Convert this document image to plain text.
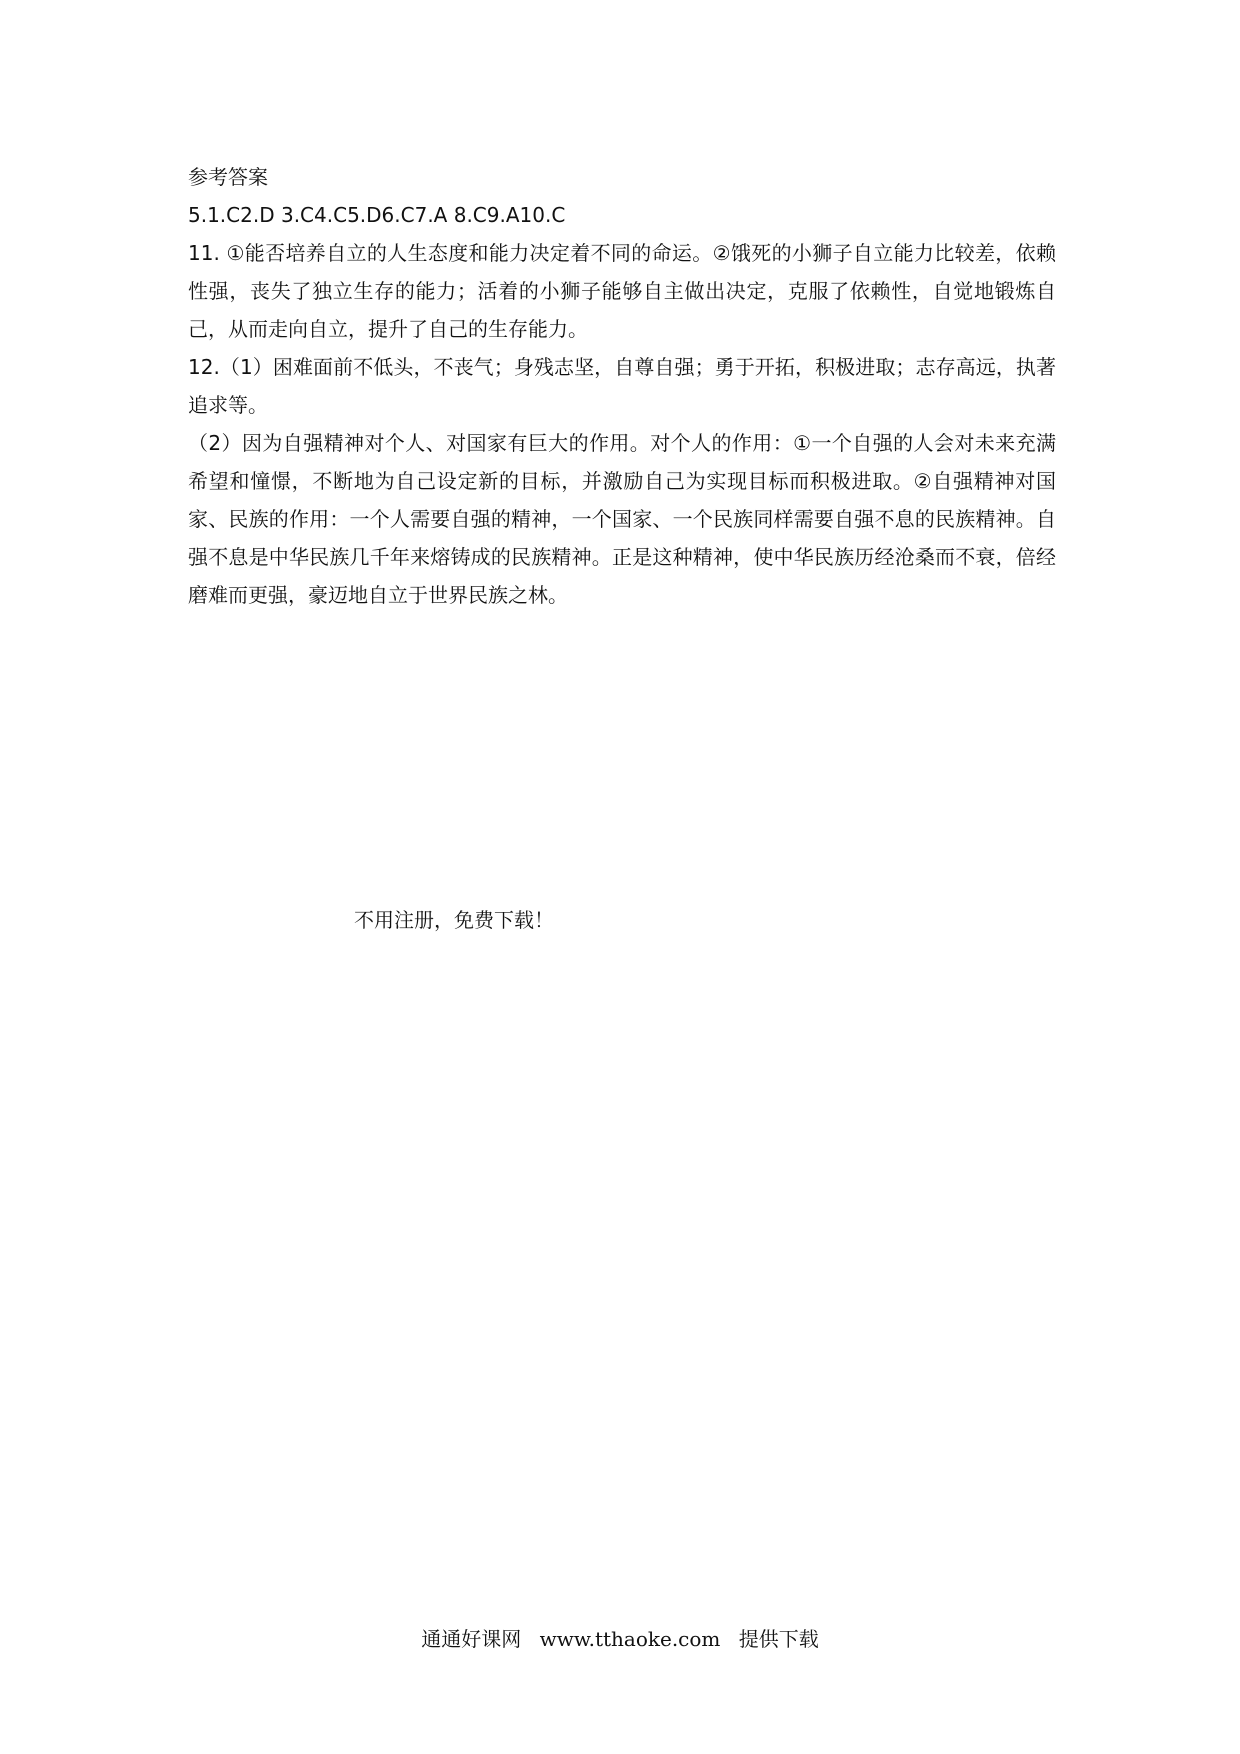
参考答案

5.1.C2.D 3.C4.C5.D6.C7.A 8.C9.A10.C

11. ①能否培养自立的人生态度和能力决定着不同的命运。②饿死的小狮子自立能力比较差，依赖性强，丧失了独立生存的能力；活着的小狮子能够自主做出决定，克服了依赖性，自觉地锻炼自己，从而走向自立，提升了自己的生存能力。

12.（1）困难面前不低头，不丧气；身残志坚，自尊自强；勇于开拓，积极进取；志存高远，执著追求等。

（2）因为自强精神对个人、对国家有巨大的作用。对个人的作用：①一个自强的人会对未来充满希望和憧憬，不断地为自己设定新的目标，并激励自己为实现目标而积极进取。②自强精神对国家、民族的作用：一个人需要自强的精神，一个国家、一个民族同样需要自强不息的民族精神。自强不息是中华民族几千年来熔铸成的民族精神。正是这种精神，使中华民族历经沧桑而不衰，倍经磨难而更强，豪迈地自立于世界民族之林。

不用注册，免费下载！
通通好课网 www.tthaoke.com 提供下载
